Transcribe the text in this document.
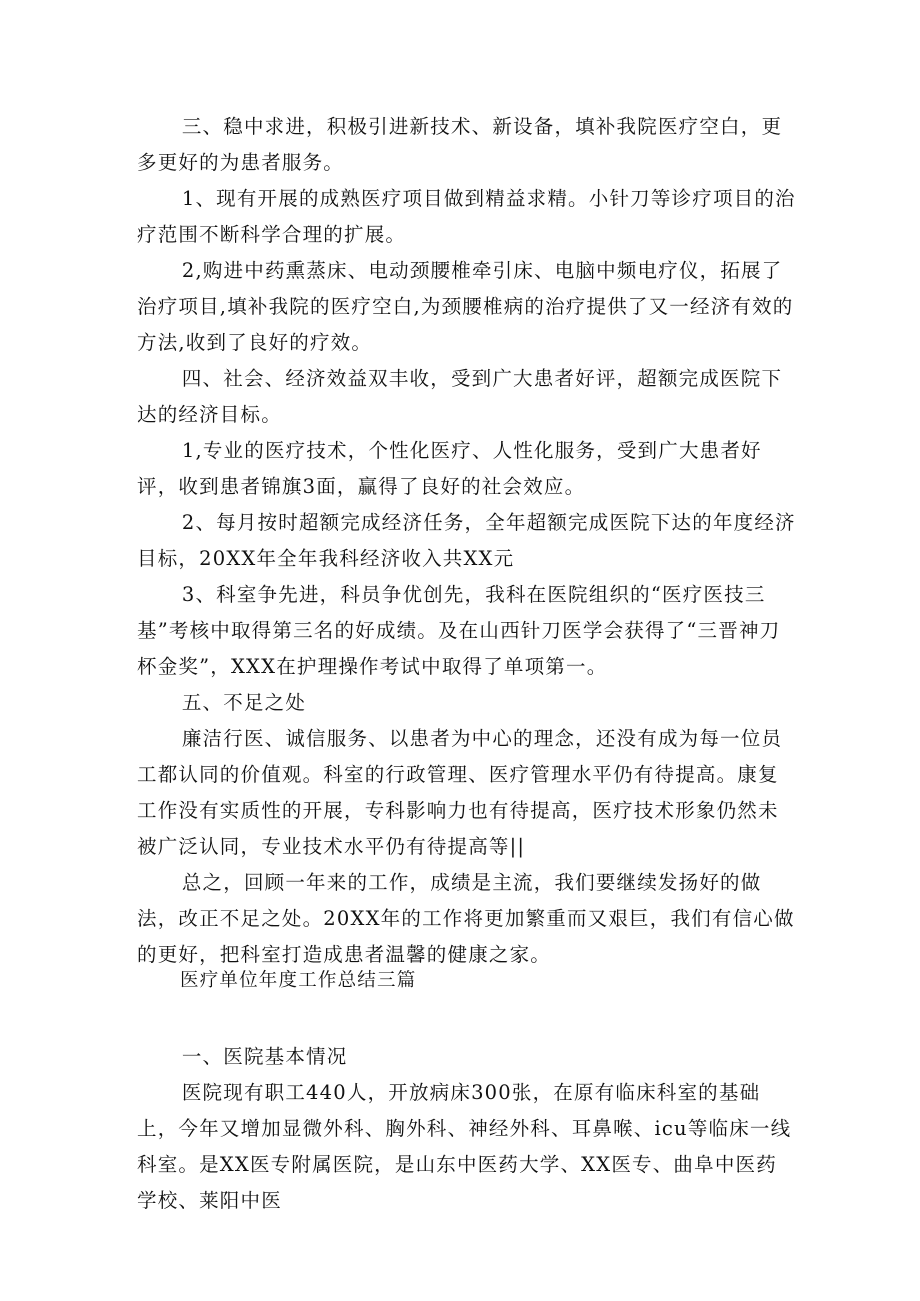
三、稳中求进，积极引进新技术、新设备，填补我院医疗空白，更多更好的为患者服务。

1、现有开展的成熟医疗项目做到精益求精。小针刀等诊疗项目的治疗范围不断科学合理的扩展。

2,购进中药熏蒸床、电动颈腰椎牵引床、电脑中频电疗仪，拓展了治疗项目,填补我院的医疗空白,为颈腰椎病的治疗提供了又一经济有效的方法,收到了良好的疗效。

四、社会、经济效益双丰收，受到广大患者好评，超额完成医院下达的经济目标。

1,专业的医疗技术，个性化医疗、人性化服务，受到广大患者好评，收到患者锦旗3面，赢得了良好的社会效应。

2、每月按时超额完成经济任务，全年超额完成医院下达的年度经济目标，20XX年全年我科经济收入共XX元

3、科室争先进，科员争优创先，我科在医院组织的“医疗医技三基”考核中取得第三名的好成绩。及在山西针刀医学会获得了“三晋神刀杯金奖”，XXX在护理操作考试中取得了单项第一。

五、不足之处

廉洁行医、诚信服务、以患者为中心的理念，还没有成为每一位员工都认同的价值观。科室的行政管理、医疗管理水平仍有待提高。康复工作没有实质性的开展，专科影响力也有待提高，医疗技术形象仍然未被广泛认同，专业技术水平仍有待提高等||

总之，回顾一年来的工作，成绩是主流，我们要继续发扬好的做法，改正不足之处。20XX年的工作将更加繁重而又艰巨，我们有信心做的更好，把科室打造成患者温馨的健康之家。

医疗单位年度工作总结三篇

一、医院基本情况

医院现有职工440人，开放病床300张，在原有临床科室的基础上，今年又增加显微外科、胸外科、神经外科、耳鼻喉、icu等临床一线科室。是XX医专附属医院，是山东中医药大学、XX医专、曲阜中医药学校、莱阳中医
